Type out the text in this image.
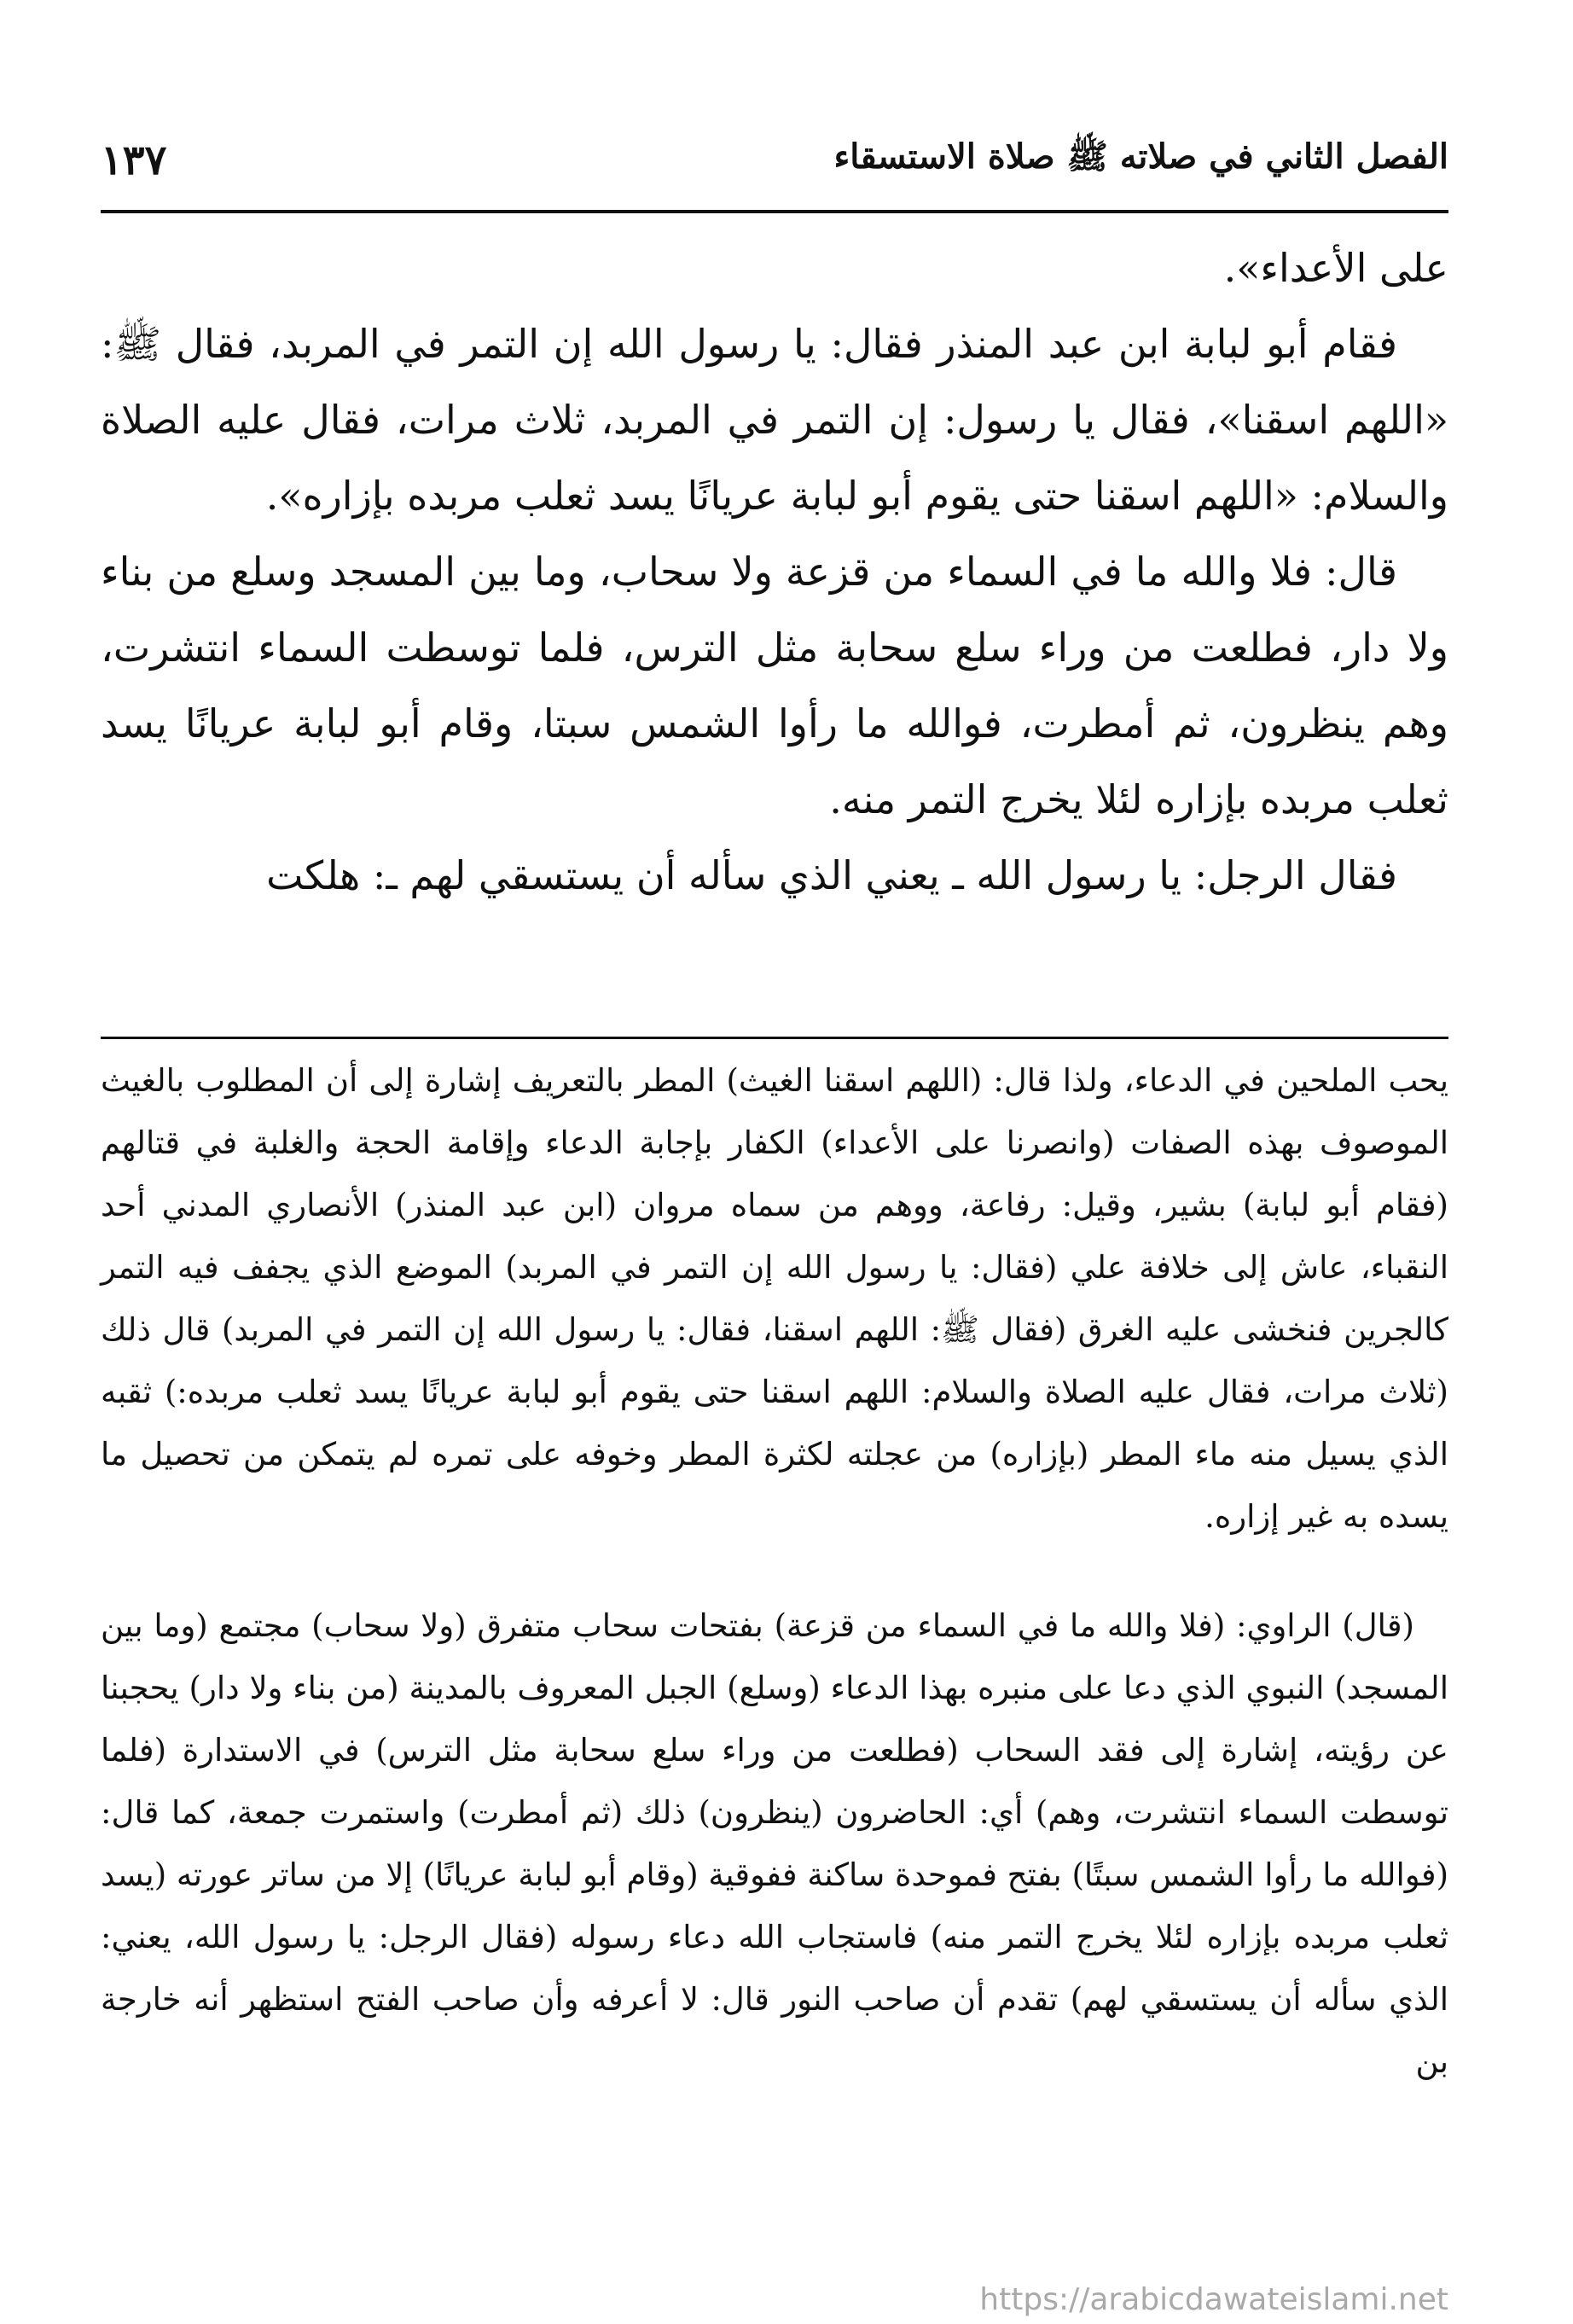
الفصل الثاني في صلاته ﷺ صلاة الاستسقاء
١٣٧

على الأعداء».

فقام أبو لبابة ابن عبد المنذر فقال: يا رسول الله إن التمر في المربد، فقال ﷺ: «اللهم اسقنا»، فقال يا رسول: إن التمر في المربد، ثلاث مرات، فقال عليه الصلاة والسلام: «اللهم اسقنا حتى يقوم أبو لبابة عريانًا يسد ثعلب مربده بإزاره».

قال: فلا والله ما في السماء من قزعة ولا سحاب، وما بين المسجد وسلع من بناء ولا دار، فطلعت من وراء سلع سحابة مثل الترس، فلما توسطت السماء انتشرت، وهم ينظرون، ثم أمطرت، فوالله ما رأوا الشمس سبتا، وقام أبو لبابة عريانًا يسد ثعلب مربده بإزاره لئلا يخرج التمر منه.

فقال الرجل: يا رسول الله ـ يعني الذي سأله أن يستسقي لهم ـ: هلكت

يحب الملحين في الدعاء، ولذا قال: (اللهم اسقنا الغيث) المطر بالتعريف إشارة إلى أن المطلوب بالغيث الموصوف بهذه الصفات (وانصرنا على الأعداء) الكفار بإجابة الدعاء وإقامة الحجة والغلبة في قتالهم (فقام أبو لبابة) بشير، وقيل: رفاعة، ووهم من سماه مروان (ابن عبد المنذر) الأنصاري المدني أحد النقباء، عاش إلى خلافة علي (فقال: يا رسول الله إن التمر في المربد) الموضع الذي يجفف فيه التمر كالجرين فنخشى عليه الغرق (فقال ﷺ: اللهم اسقنا، فقال: يا رسول الله إن التمر في المربد) قال ذلك (ثلاث مرات، فقال عليه الصلاة والسلام: اللهم اسقنا حتى يقوم أبو لبابة عريانًا يسد ثعلب مربده:) ثقبه الذي يسيل منه ماء المطر (بإزاره) من عجلته لكثرة المطر وخوفه على تمره لم يتمكن من تحصيل ما يسده به غير إزاره.

(قال) الراوي: (فلا والله ما في السماء من قزعة) بفتحات سحاب متفرق (ولا سحاب) مجتمع (وما بين المسجد) النبوي الذي دعا على منبره بهذا الدعاء (وسلع) الجبل المعروف بالمدينة (من بناء ولا دار) يحجبنا عن رؤيته، إشارة إلى فقد السحاب (فطلعت من وراء سلع سحابة مثل الترس) في الاستدارة (فلما توسطت السماء انتشرت، وهم) أي: الحاضرون (ينظرون) ذلك (ثم أمطرت) واستمرت جمعة، كما قال: (فوالله ما رأوا الشمس سبتًا) بفتح فموحدة ساكنة ففوقية (وقام أبو لبابة عريانًا) إلا من ساتر عورته (يسد ثعلب مربده بإزاره لئلا يخرج التمر منه) فاستجاب الله دعاء رسوله (فقال الرجل: يا رسول الله، يعني: الذي سأله أن يستسقي لهم) تقدم أن صاحب النور قال: لا أعرفه وأن صاحب الفتح استظهر أنه خارجة بن

https://arabicdawateislami.net
